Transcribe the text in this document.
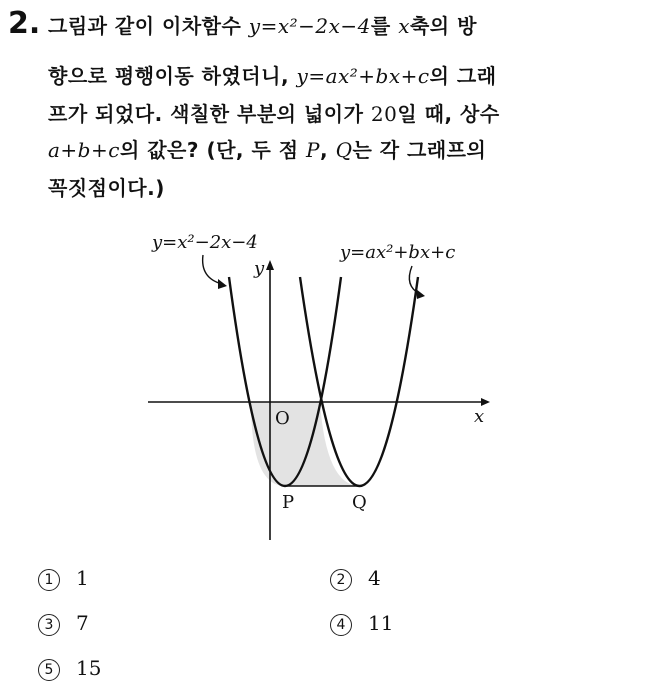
2. 그림과 같이 이차함수 y=x²−2x−4를 x축의 방
향으로 평행이동 하였더니, y=ax²+bx+c의 그래
프가 되었다. 색칠한 부분의 넓이가 20일 때, 상수
a+b+c의 값은? (단, 두 점 P, Q는 각 그래프의
꼭짓점이다.)
y=x²−2x−4	y=ax²+bx+c
y
x
O
P	Q
1 1	2 4
3 7	4 11
5 15
